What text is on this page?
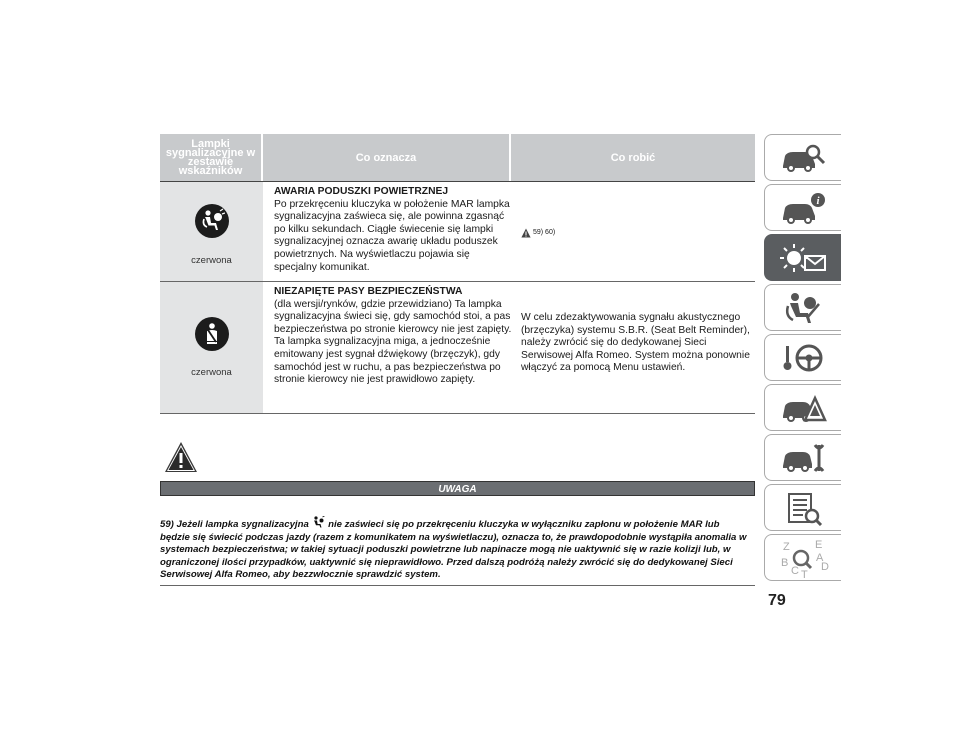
Lampki sygnalizacyjne w zestawie wskaźników
Co oznacza	Co robić
czerwona
AWARIA PODUSZKI POWIETRZNEJ
Po przekręceniu kluczyka w położenie MAR lampka sygnalizacyjna zaświeca się, ale powinna zgasnąć po kilku sekundach. Ciągłe świecenie się lampki sygnalizacyjnej oznacza awarię układu poduszek powietrznych. Na wyświetlaczu pojawia się specjalny komunikat.
59) 60)
czerwona
NIEZAPIĘTE PASY BEZPIECZEŃSTWA
(dla wersji/rynków, gdzie przewidziano) Ta lampka sygnalizacyjna świeci się, gdy samochód stoi, a pas bezpieczeństwa po stronie kierowcy nie jest zapięty. Ta lampka sygnalizacyjna miga, a jednocześnie emitowany jest sygnał dźwiękowy (brzęczyk), gdy samochód jest w ruchu, a pas bezpieczeństwa po stronie kierowcy nie jest prawidłowo zapięty.
W celu zdezaktywowania sygnału akustycznego (brzęczyka) systemu S.B.R. (Seat Belt Reminder), należy zwrócić się do dedykowanej Sieci Serwisowej Alfa Romeo. System można ponownie włączyć za pomocą Menu ustawień.
UWAGA
59) Jeżeli lampka sygnalizacyjna nie zaświeci się po przekręceniu kluczyka w wyłączniku zapłonu w położenie MAR lub będzie się świecić podczas jazdy (razem z komunikatem na wyświetlaczu), oznacza to, że prawdopodobnie wystąpiła anomalia w systemach bezpieczeństwa; w takiej sytuacji poduszki powietrzne lub napinacze mogą nie uaktywnić się w razie kolizji lub, w ograniczonej ilości przypadków, uaktywnić się nieprawidłowo. Przed dalszą podróżą należy zwrócić się do dedykowanej Sieci Serwisowej Alfa Romeo, aby bezzwłocznie sprawdzić system.
i
Z E
A
B
C T
D
79
